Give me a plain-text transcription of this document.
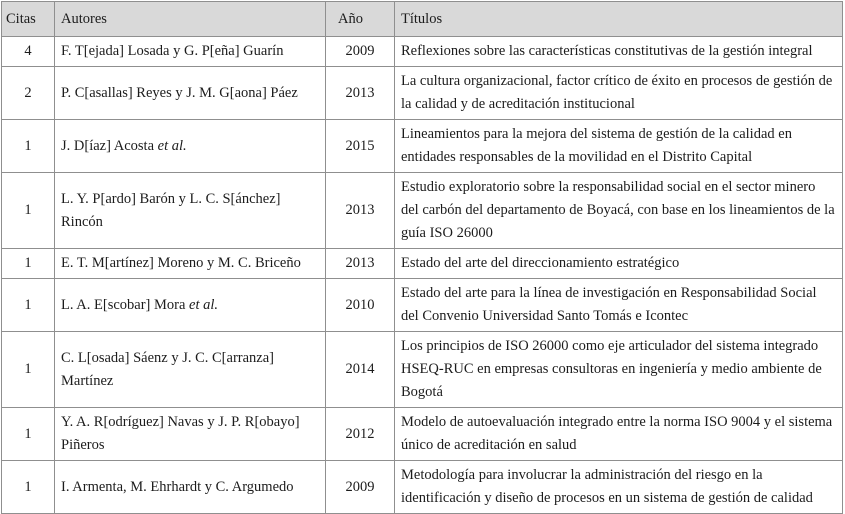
Citas	Autores	Año	Títulos
4	F. T[ejada] Losada y G. P[eña] Guarín	2009	Reflexiones sobre las características constitutivas de la gestión integral
2	P. C[asallas] Reyes y J. M. G[aona] Páez	2013	La cultura organizacional, factor crítico de éxito en procesos de gestión de la calidad y de acreditación institucional
1	J. D[íaz] Acosta et al.	2015	Lineamientos para la mejora del sistema de gestión de la calidad en entidades responsables de la movilidad en el Distrito Capital
1	L. Y. P[ardo] Barón y L. C. S[ánchez] Rincón	2013	Estudio exploratorio sobre la responsabilidad social en el sector minero del carbón del departamento de Boyacá, con base en los lineamientos de la guía ISO 26000
1	E. T. M[artínez] Moreno y M. C. Briceño	2013	Estado del arte del direccionamiento estratégico
1	L. A. E[scobar] Mora et al.	2010	Estado del arte para la línea de investigación en Responsabilidad Social del Convenio Universidad Santo Tomás e Icontec
1	C. L[osada] Sáenz y J. C. C[arranza] Martínez	2014	Los principios de ISO 26000 como eje articulador del sistema integrado HSEQ-RUC en empresas consultoras en ingeniería y medio ambiente de Bogotá
1	Y. A. R[odríguez] Navas y J. P. R[obayo] Piñeros	2012	Modelo de autoevaluación integrado entre la norma ISO 9004 y el sistema único de acreditación en salud
1	I. Armenta, M. Ehrhardt y C. Argumedo	2009	Metodología para involucrar la administración del riesgo en la identificación y diseño de procesos en un sistema de gestión de calidad
